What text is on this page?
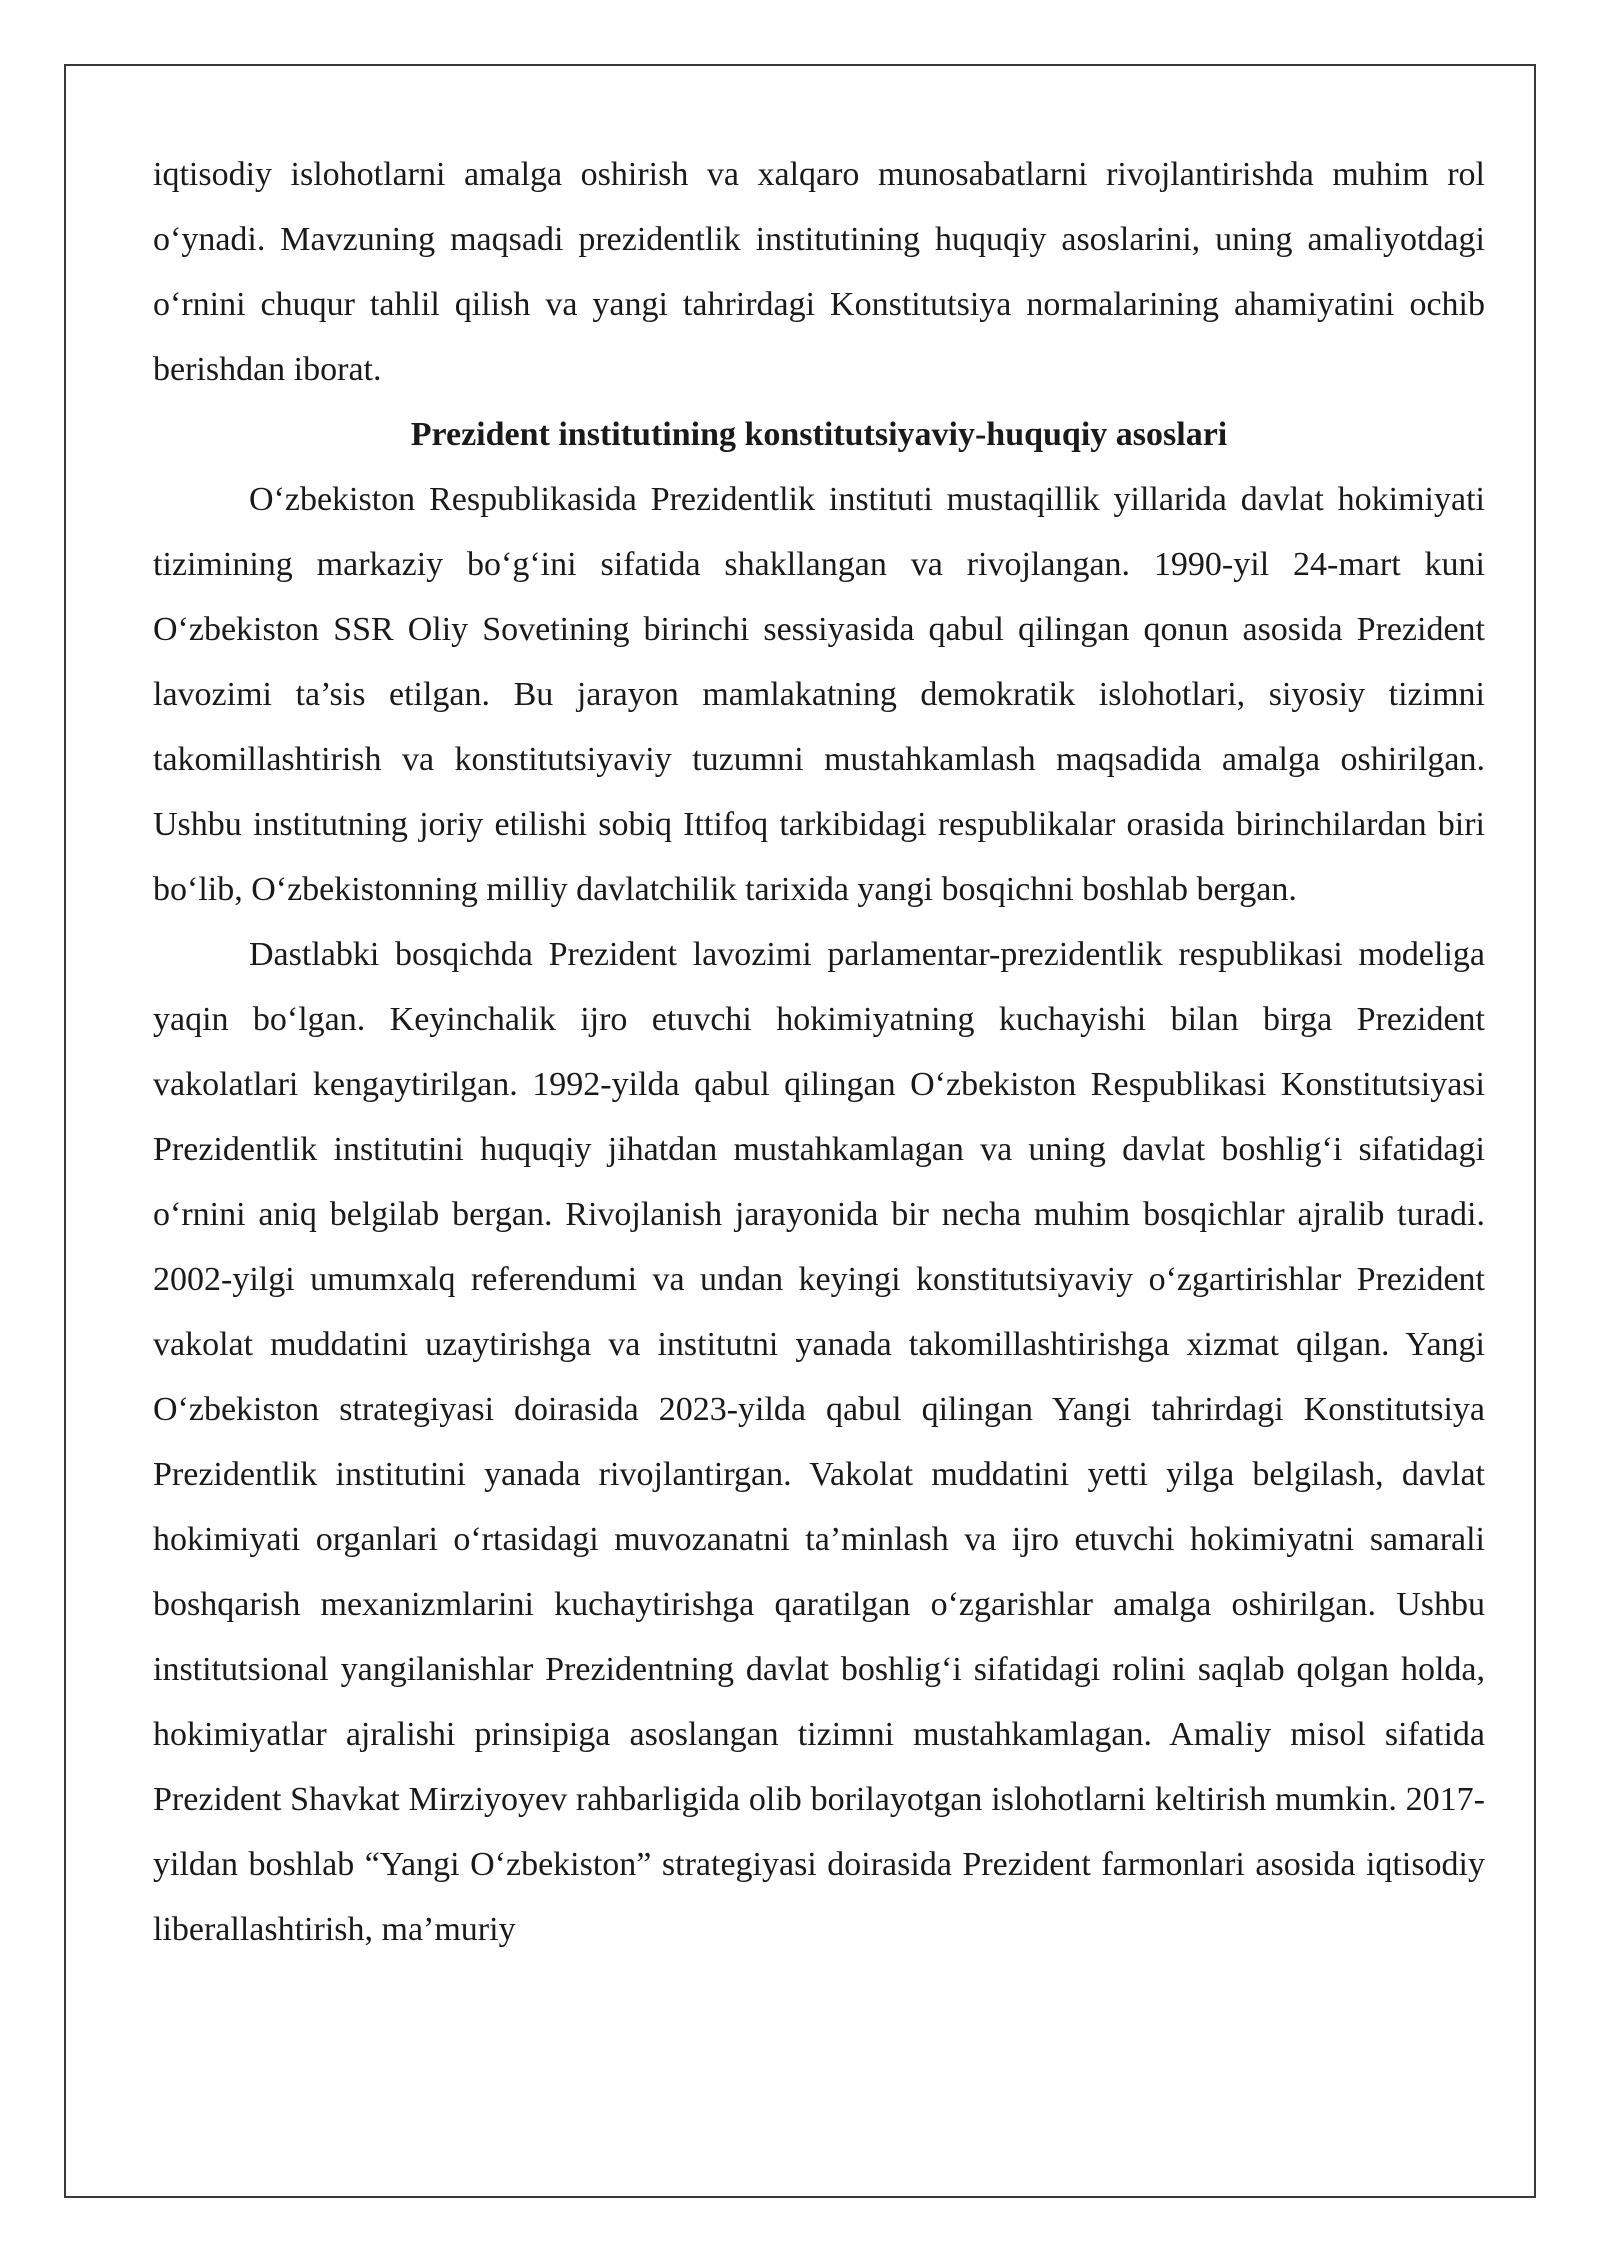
iqtisodiy islohotlarni amalga oshirish va xalqaro munosabatlarni rivojlantirishda muhim rol o‘ynadi. Mavzuning maqsadi prezidentlik institutining huquqiy asoslarini, uning amaliyotdagi o‘rnini chuqur tahlil qilish va yangi tahrirdagi Konstitutsiya normalarining ahamiyatini ochib berishdan iborat.

Prezident institutining konstitutsiyaviy-huquqiy asoslari

O‘zbekiston Respublikasida Prezidentlik instituti mustaqillik yillarida davlat hokimiyati tizimining markaziy bo‘g‘ini sifatida shakllangan va rivojlangan. 1990-yil 24-mart kuni O‘zbekiston SSR Oliy Sovetining birinchi sessiyasida qabul qilingan qonun asosida Prezident lavozimi ta’sis etilgan. Bu jarayon mamlakatning demokratik islohotlari, siyosiy tizimni takomillashtirish va konstitutsiyaviy tuzumni mustahkamlash maqsadida amalga oshirilgan. Ushbu institutning joriy etilishi sobiq Ittifoq tarkibidagi respublikalar orasida birinchilardan biri bo‘lib, O‘zbekistonning milliy davlatchilik tarixida yangi bosqichni boshlab bergan.

Dastlabki bosqichda Prezident lavozimi parlamentar-prezidentlik respublikasi modeliga yaqin bo‘lgan. Keyinchalik ijro etuvchi hokimiyatning kuchayishi bilan birga Prezident vakolatlari kengaytirilgan. 1992-yilda qabul qilingan O‘zbekiston Respublikasi Konstitutsiyasi Prezidentlik institutini huquqiy jihatdan mustahkamlagan va uning davlat boshlig‘i sifatidagi o‘rnini aniq belgilab bergan. Rivojlanish jarayonida bir necha muhim bosqichlar ajralib turadi. 2002-yilgi umumxalq referendumi va undan keyingi konstitutsiyaviy o‘zgartirishlar Prezident vakolat muddatini uzaytirishga va institutni yanada takomillashtirishga xizmat qilgan. Yangi O‘zbekiston strategiyasi doirasida 2023-yilda qabul qilingan Yangi tahrirdagi Konstitutsiya Prezidentlik institutini yanada rivojlantirgan. Vakolat muddatini yetti yilga belgilash, davlat hokimiyati organlari o‘rtasidagi muvozanatni ta’minlash va ijro etuvchi hokimiyatni samarali boshqarish mexanizmlarini kuchaytirishga qaratilgan o‘zgarishlar amalga oshirilgan. Ushbu institutsional yangilanishlar Prezidentning davlat boshlig‘i sifatidagi rolini saqlab qolgan holda, hokimiyatlar ajralishi prinsipiga asoslangan tizimni mustahkamlagan. Amaliy misol sifatida Prezident Shavkat Mirziyoyev rahbarligida olib borilayotgan islohotlarni keltirish mumkin. 2017-yildan boshlab “Yangi O‘zbekiston” strategiyasi doirasida Prezident farmonlari asosida iqtisodiy liberallashtirish, ma’muriy
